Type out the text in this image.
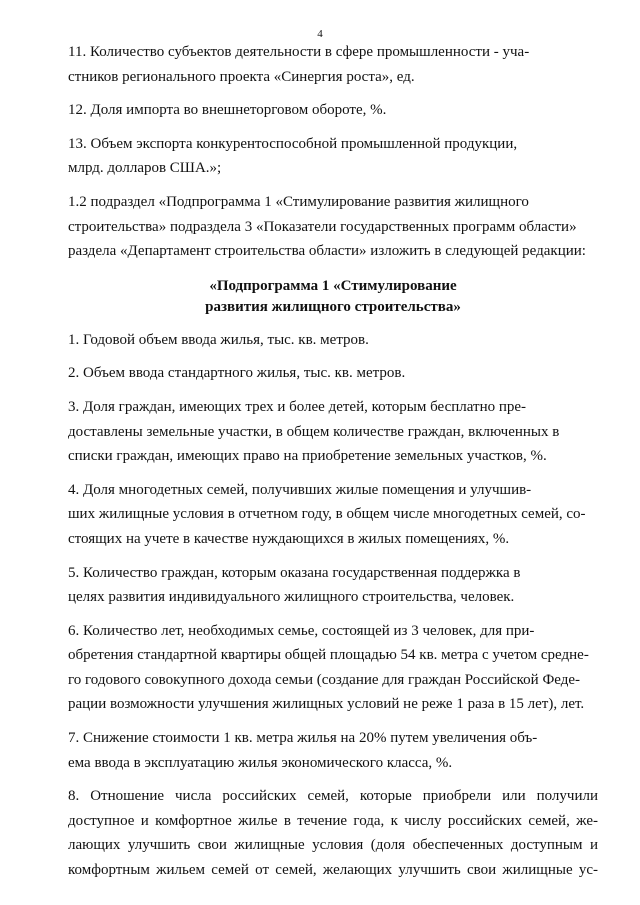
4

11. Количество субъектов деятельности в сфере промышленности - уча-
стников регионального проекта «Синергия роста», ед.

12. Доля импорта во внешнеторговом обороте, %.

13. Объем экспорта конкурентоспособной промышленной продукции,
млрд. долларов США.»;

1.2 подраздел «Подпрограмма 1 «Стимулирование развития жилищного
строительства» подраздела 3 «Показатели государственных программ области»
раздела «Департамент строительства области» изложить в следующей редакции:

«Подпрограмма 1 «Стимулирование
развития жилищного строительства»

1. Годовой объем ввода жилья, тыс. кв. метров.

2. Объем ввода стандартного жилья, тыс. кв. метров.

3. Доля граждан, имеющих трех и более детей, которым бесплатно пре-
доставлены земельные участки, в общем количестве граждан, включенных в
списки граждан, имеющих право на приобретение земельных участков, %.

4. Доля многодетных семей, получивших жилые помещения и улучшив-
ших жилищные условия в отчетном году, в общем числе многодетных семей, со-
стоящих на учете в качестве нуждающихся в жилых помещениях, %.

5. Количество граждан, которым оказана государственная поддержка в
целях развития индивидуального жилищного строительства, человек.

6. Количество лет, необходимых семье, состоящей из 3 человек, для при-
обретения стандартной квартиры общей площадью 54 кв. метра с учетом средне-
го годового совокупного дохода семьи (создание для граждан Российской Феде-
рации возможности улучшения жилищных условий не реже 1 раза в 15 лет), лет.

7. Снижение стоимости 1 кв. метра жилья на 20% путем увеличения объ-
ема ввода в эксплуатацию жилья экономического класса, %.

8. Отношение числа российских семей, которые приобрели или получили
доступное и комфортное жилье в течение года, к числу российских семей, же-
лающих улучшить свои жилищные условия (доля обеспеченных доступным и
комфортным жильем семей от семей, желающих улучшить свои жилищные ус-
